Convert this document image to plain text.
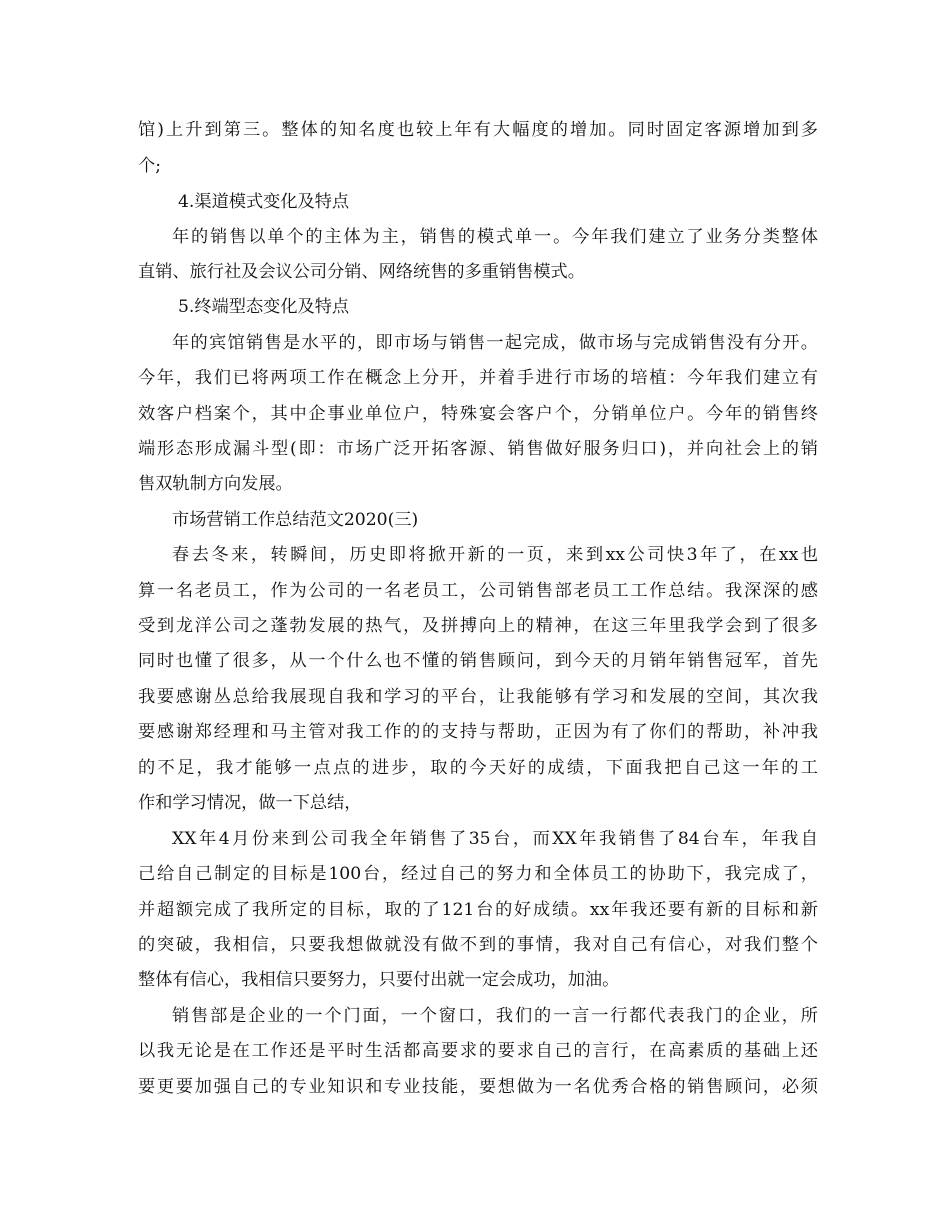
馆)上升到第三。整体的知名度也较上年有大幅度的增加。同时固定客源增加到多
个;
4.渠道模式变化及特点
年的销售以单个的主体为主，销售的模式单一。今年我们建立了业务分类整体
直销、旅行社及会议公司分销、网络统售的多重销售模式。
5.终端型态变化及特点
年的宾馆销售是水平的，即市场与销售一起完成，做市场与完成销售没有分开。
今年，我们已将两项工作在概念上分开，并着手进行市场的培植：今年我们建立有
效客户档案个，其中企事业单位户，特殊宴会客户个，分销单位户。今年的销售终
端形态形成漏斗型(即：市场广泛开拓客源、销售做好服务归口)，并向社会上的销
售双轨制方向发展。
市场营销工作总结范文2020(三)
春去冬来，转瞬间，历史即将掀开新的一页，来到xx公司快3年了，在xx也
算一名老员工，作为公司的一名老员工，公司销售部老员工工作总结。我深深的感
受到龙洋公司之蓬勃发展的热气，及拼搏向上的精神，在这三年里我学会到了很多
同时也懂了很多，从一个什么也不懂的销售顾问，到今天的月销年销售冠军，首先
我要感谢丛总给我展现自我和学习的平台，让我能够有学习和发展的空间，其次我
要感谢郑经理和马主管对我工作的的支持与帮助，正因为有了你们的帮助，补冲我
的不足，我才能够一点点的进步，取的今天好的成绩，下面我把自己这一年的工
作和学习情况，做一下总结，
XX年4月份来到公司我全年销售了35台，而XX年我销售了84台车，年我自
己给自己制定的目标是100台，经过自己的努力和全体员工的协助下，我完成了，
并超额完成了我所定的目标，取的了121台的好成绩。xx年我还要有新的目标和新
的突破，我相信，只要我想做就没有做不到的事情，我对自己有信心，对我们整个
整体有信心，我相信只要努力，只要付出就一定会成功，加油。
销售部是企业的一个门面，一个窗口，我们的一言一行都代表我门的企业，所
以我无论是在工作还是平时生活都高要求的要求自己的言行，在高素质的基础上还
要更要加强自己的专业知识和专业技能，要想做为一名优秀合格的销售顾问，必须
